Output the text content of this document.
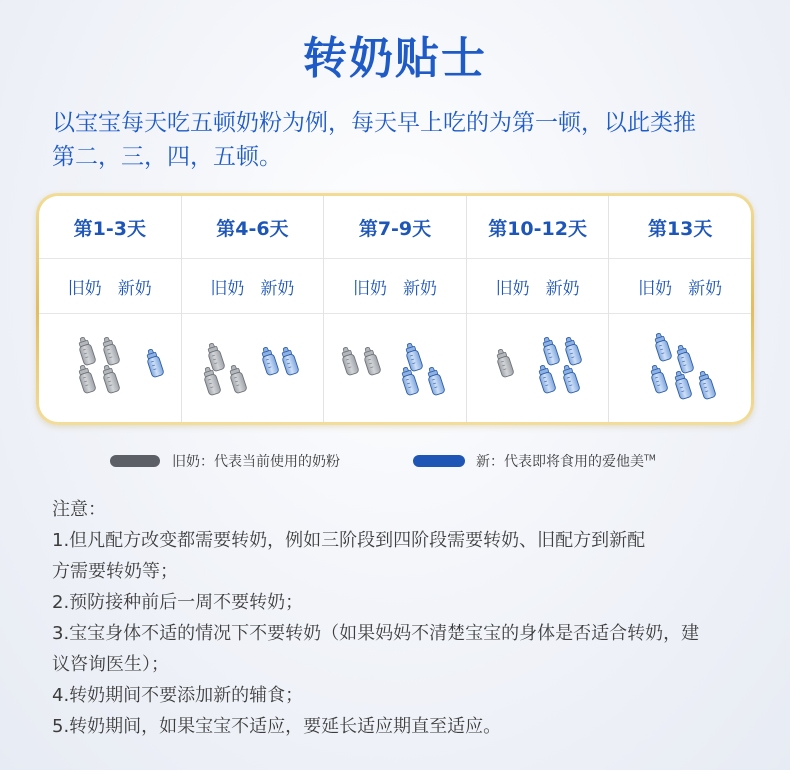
转奶贴士
以宝宝每天吃五顿奶粉为例，每天早上吃的为第一顿，以此类推
第二，三，四，五顿。
第1-3天
旧奶 新奶
第4-6天
旧奶 新奶
第7-9天
旧奶 新奶
第10-12天
旧奶 新奶
第13天
旧奶 新奶
旧奶：代表当前使用的奶粉	新：代表即将食用的爱他美™
注意：
1.但凡配方改变都需要转奶，例如三阶段到四阶段需要转奶、旧配方到新配
方需要转奶等；
2.预防接种前后一周不要转奶；
3.宝宝身体不适的情况下不要转奶（如果妈妈不清楚宝宝的身体是否适合转奶，建
议咨询医生）；
4.转奶期间不要添加新的辅食；
5.转奶期间，如果宝宝不适应，要延长适应期直至适应。
